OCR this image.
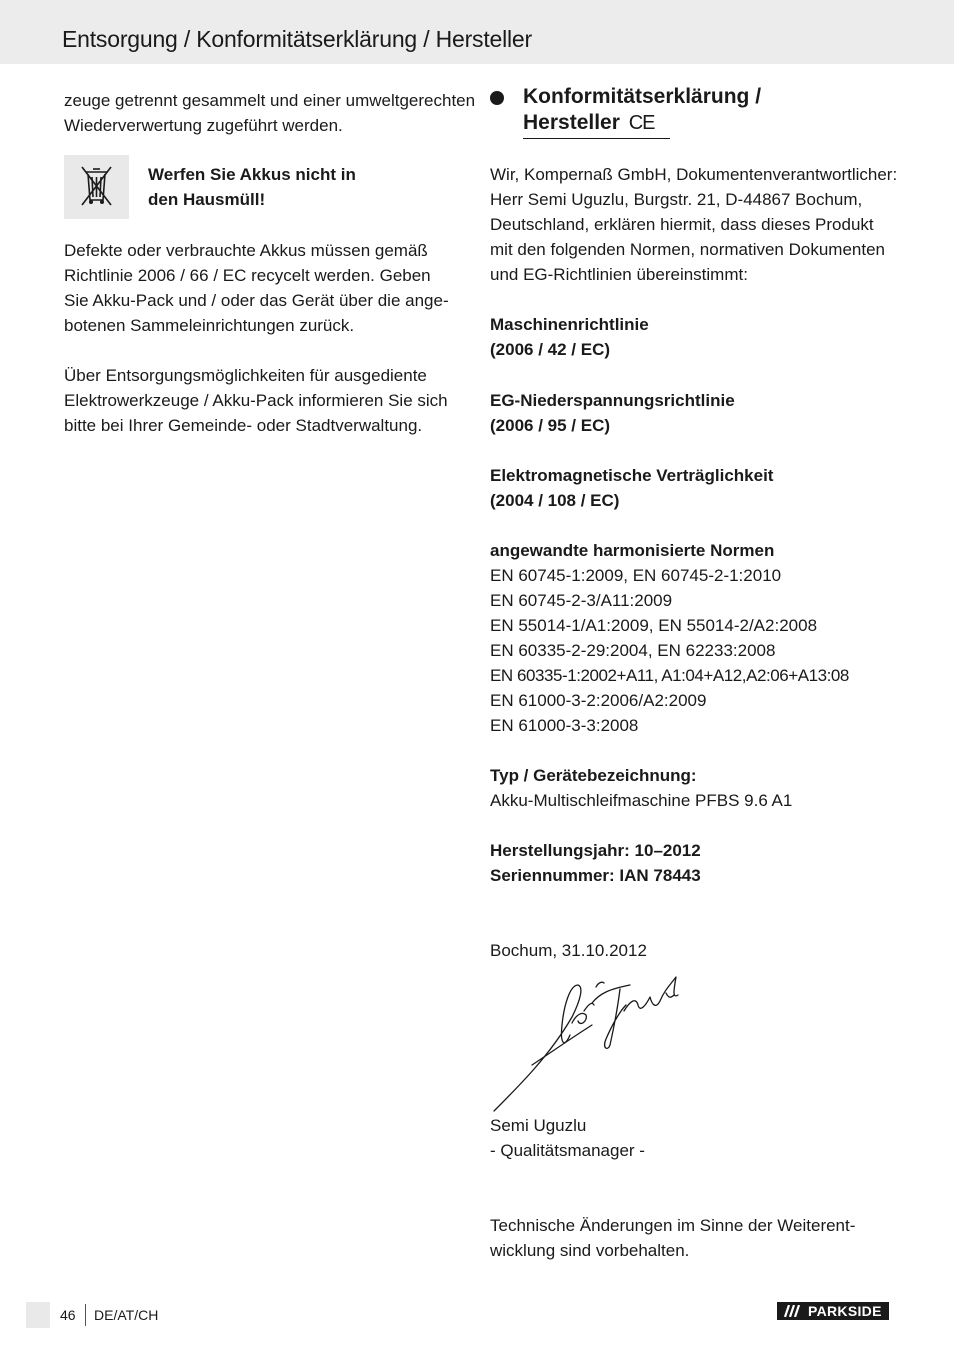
Entsorgung / Konformitätserklärung / Hersteller
zeuge getrennt gesammelt und einer umweltgerechten
Wiederverwertung zugeführt werden.
Werfen Sie Akkus nicht in
den Hausmüll!
Defekte oder verbrauchte Akkus müssen gemäß
Richtlinie 2006 / 66 / EC recycelt werden. Geben
Sie Akku-Pack und / oder das Gerät über die ange-
botenen Sammeleinrichtungen zurück.
Über Entsorgungsmöglichkeiten für ausgediente
Elektrowerkzeuge / Akku-Pack informieren Sie sich
bitte bei Ihrer Gemeinde- oder Stadtverwaltung.
Konformitätserklärung /
Hersteller CE
Wir, Kompernaß GmbH, Dokumentenverantwortlicher:
Herr Semi Uguzlu, Burgstr. 21, D-44867 Bochum,
Deutschland, erklären hiermit, dass dieses Produkt
mit den folgenden Normen, normativen Dokumenten
und EG-Richtlinien übereinstimmt:
Maschinenrichtlinie
(2006 / 42 / EC)
EG-Niederspannungsrichtlinie
(2006 / 95 / EC)
Elektromagnetische Verträglichkeit
(2004 / 108 / EC)
angewandte harmonisierte Normen
EN 60745-1:2009, EN 60745-2-1:2010
EN 60745-2-3/A11:2009
EN 55014-1/A1:2009, EN 55014-2/A2:2008
EN 60335-2-29:2004, EN 62233:2008
EN 60335-1:2002+A11, A1:04+A12,A2:06+A13:08
EN 61000-3-2:2006/A2:2009
EN 61000-3-3:2008
Typ / Gerätebezeichnung:
Akku-Multischleifmaschine PFBS 9.6 A1
Herstellungsjahr: 10–2012
Seriennummer: IAN 78443
Bochum, 31.10.2012
Semi Uguzlu
- Qualitätsmanager -
Technische Änderungen im Sinne der Weiterent-
wicklung sind vorbehalten.
46 DE/AT/CH	PARKSIDE
